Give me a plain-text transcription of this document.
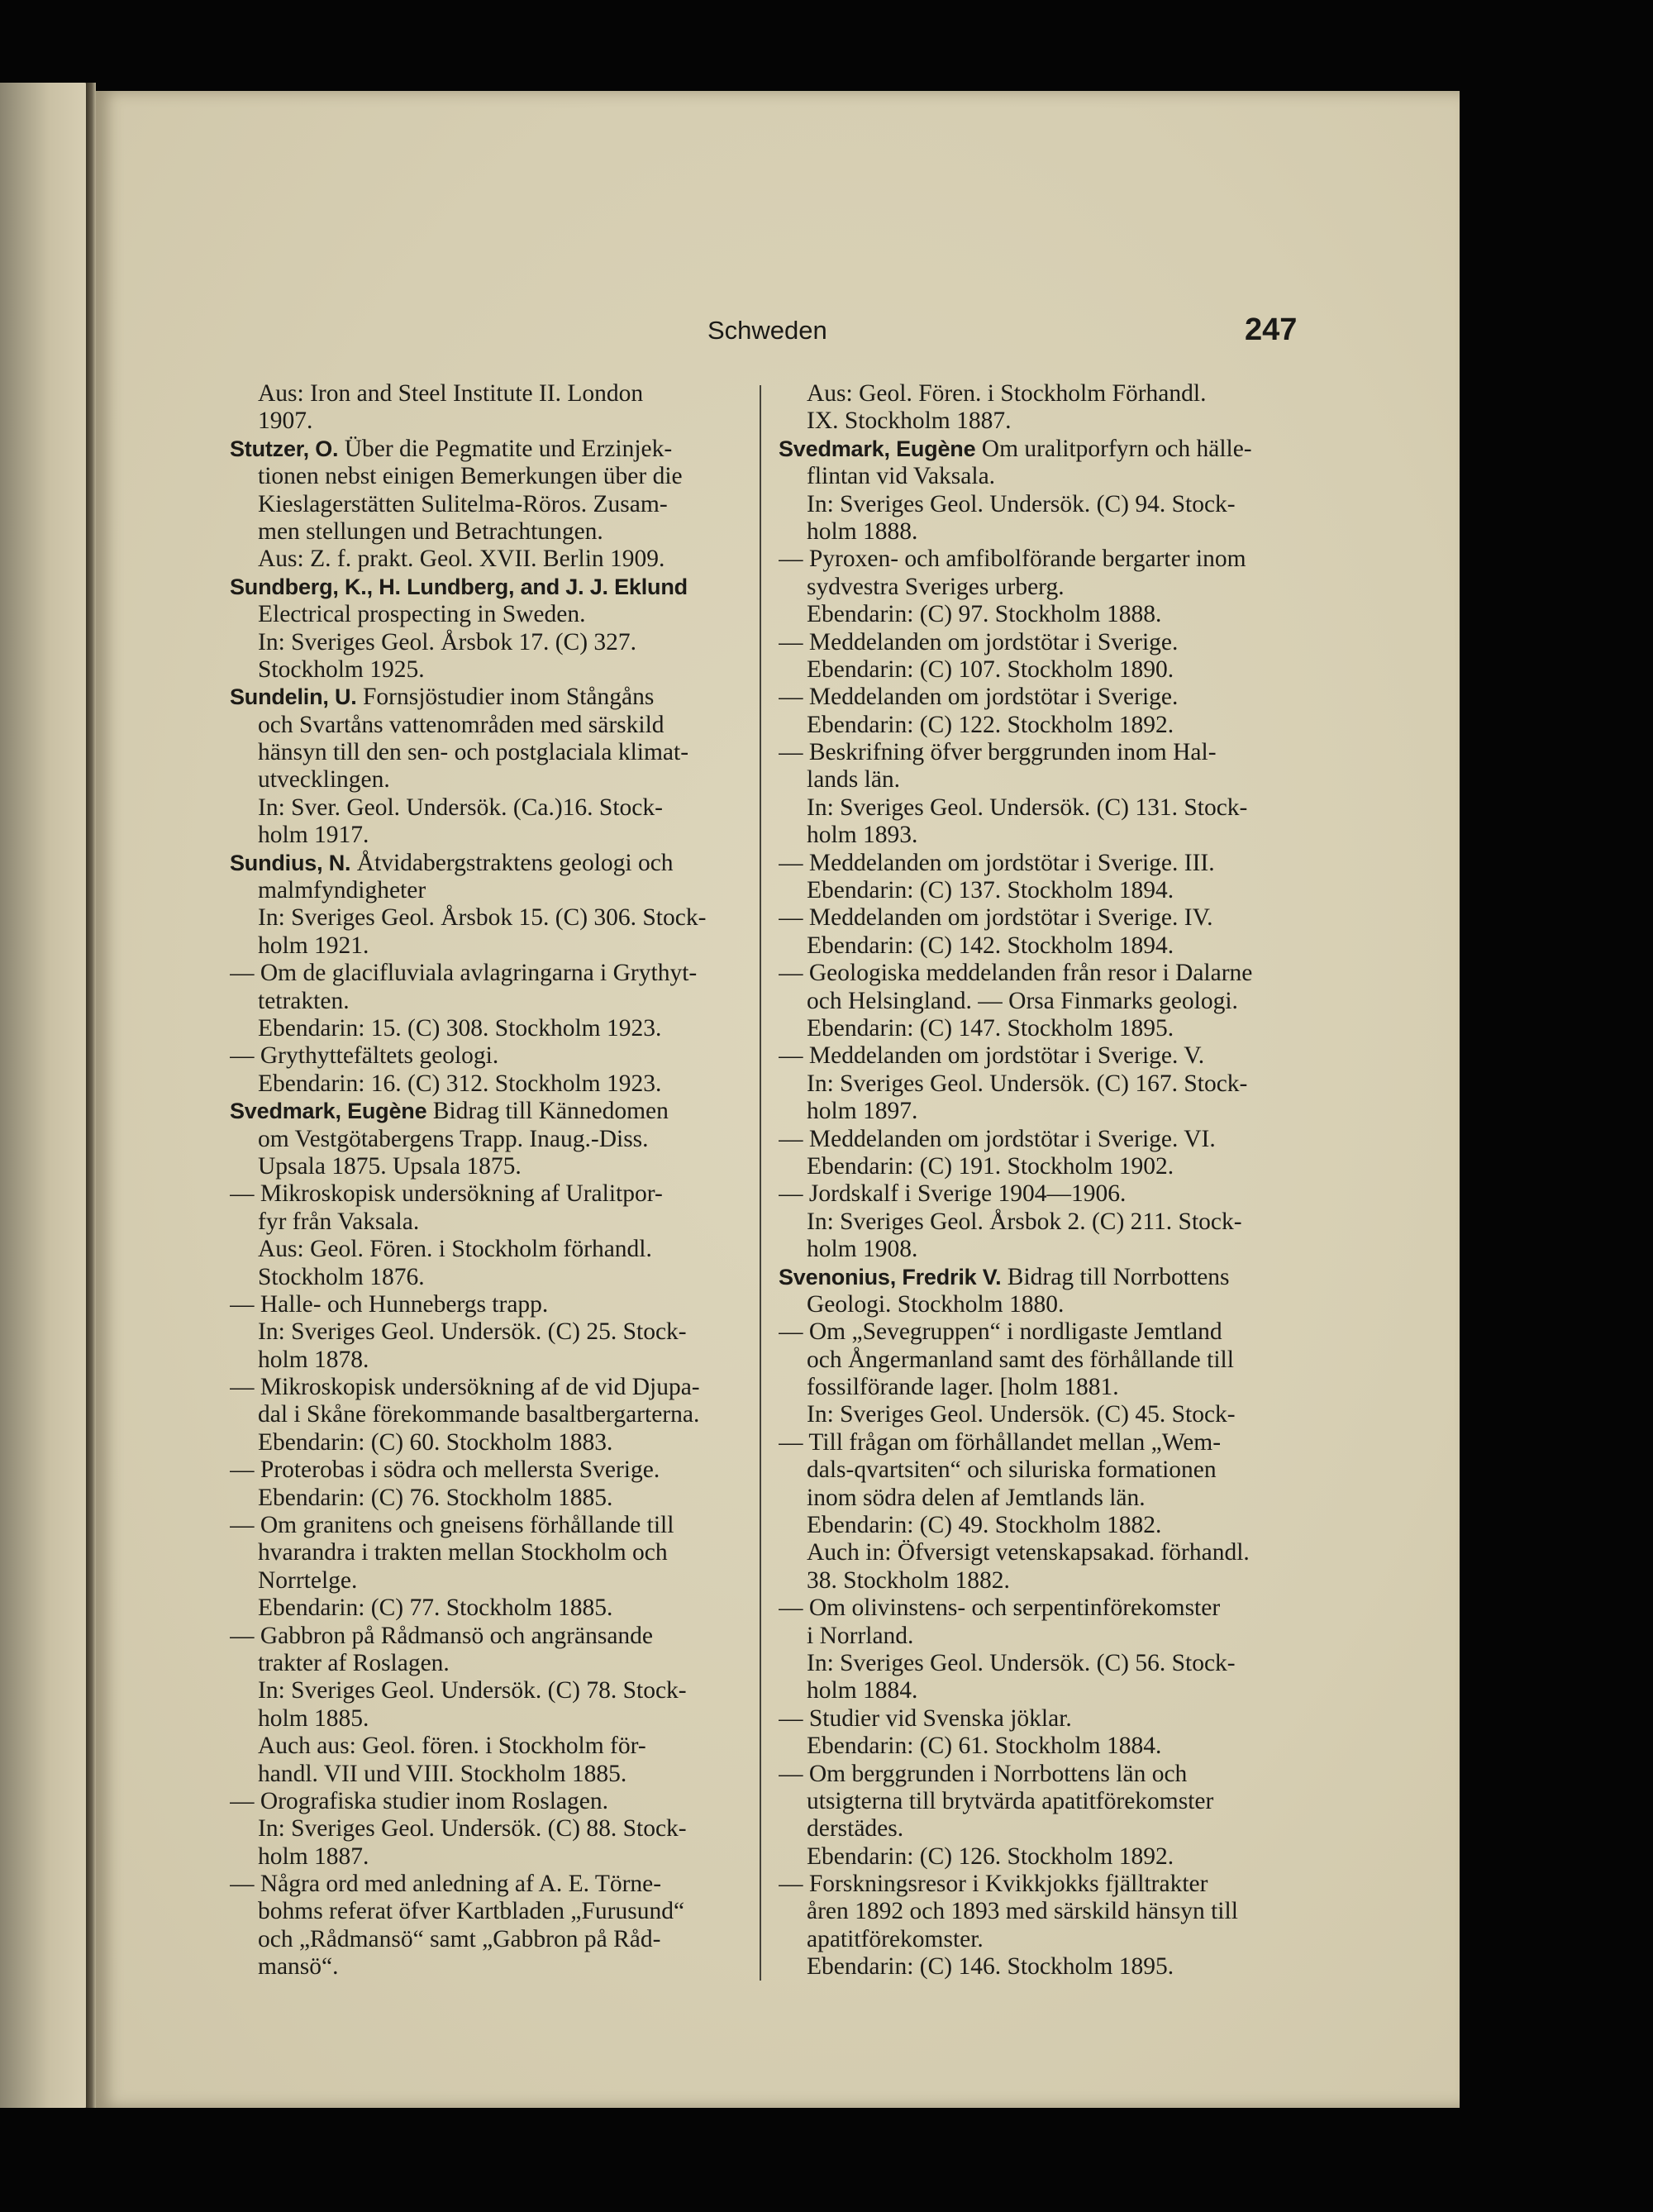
Schweden	247
Aus: Iron and Steel Institute II. London
1907.
Stutzer, O. Über die Pegmatite und Erzinjek-
tionen nebst einigen Bemerkungen über die
Kieslagerstätten Sulitelma-Röros. Zusam-
men stellungen und Betrachtungen.
Aus: Z. f. prakt. Geol. XVII. Berlin 1909.
Sundberg, K., H. Lundberg, and J. J. Eklund
Electrical prospecting in Sweden.
In: Sveriges Geol. Årsbok 17. (C) 327.
Stockholm 1925.
Sundelin, U. Fornsjöstudier inom Stångåns
och Svartåns vattenområden med särskild
hänsyn till den sen- och postglaciala klimat-
utvecklingen.
In: Sver. Geol. Undersök. (Ca.)16. Stock-
holm 1917.
Sundius, N. Åtvidabergstraktens geologi och
malmfyndigheter
In: Sveriges Geol. Årsbok 15. (C) 306. Stock-
holm 1921.
— Om de glacifluviala avlagringarna i Grythyt-
tetrakten.
Ebendarin: 15. (C) 308. Stockholm 1923.
— Grythyttefältets geologi.
Ebendarin: 16. (C) 312. Stockholm 1923.
Svedmark, Eugène Bidrag till Kännedomen
om Vestgötabergens Trapp. Inaug.-Diss.
Upsala 1875. Upsala 1875.
— Mikroskopisk undersökning af Uralitpor-
fyr från Vaksala.
Aus: Geol. Fören. i Stockholm förhandl.
Stockholm 1876.
— Halle- och Hunnebergs trapp.
In: Sveriges Geol. Undersök. (C) 25. Stock-
holm 1878.
— Mikroskopisk undersökning af de vid Djupa-
dal i Skåne förekommande basaltbergarterna.
Ebendarin: (C) 60. Stockholm 1883.
— Proterobas i södra och mellersta Sverige.
Ebendarin: (C) 76. Stockholm 1885.
— Om granitens och gneisens förhållande till
hvarandra i trakten mellan Stockholm och
Norrtelge.
Ebendarin: (C) 77. Stockholm 1885.
— Gabbron på Rådmansö och angränsande
trakter af Roslagen.
In: Sveriges Geol. Undersök. (C) 78. Stock-
holm 1885.
Auch aus: Geol. fören. i Stockholm för-
handl. VII und VIII. Stockholm 1885.
— Orografiska studier inom Roslagen.
In: Sveriges Geol. Undersök. (C) 88. Stock-
holm 1887.
— Några ord med anledning af A. E. Törne-
bohms referat öfver Kartbladen „Furusund“
och „Rådmansö“ samt „Gabbron på Råd-
mansö“.
Aus: Geol. Fören. i Stockholm Förhandl.
IX. Stockholm 1887.
Svedmark, Eugène Om uralitporfyrn och hälle-
flintan vid Vaksala.
In: Sveriges Geol. Undersök. (C) 94. Stock-
holm 1888.
— Pyroxen- och amfibolförande bergarter inom
sydvestra Sveriges urberg.
Ebendarin: (C) 97. Stockholm 1888.
— Meddelanden om jordstötar i Sverige.
Ebendarin: (C) 107. Stockholm 1890.
— Meddelanden om jordstötar i Sverige.
Ebendarin: (C) 122. Stockholm 1892.
— Beskrifning öfver berggrunden inom Hal-
lands län.
In: Sveriges Geol. Undersök. (C) 131. Stock-
holm 1893.
— Meddelanden om jordstötar i Sverige. III.
Ebendarin: (C) 137. Stockholm 1894.
— Meddelanden om jordstötar i Sverige. IV.
Ebendarin: (C) 142. Stockholm 1894.
— Geologiska meddelanden från resor i Dalarne
och Helsingland. — Orsa Finmarks geologi.
Ebendarin: (C) 147. Stockholm 1895.
— Meddelanden om jordstötar i Sverige. V.
In: Sveriges Geol. Undersök. (C) 167. Stock-
holm 1897.
— Meddelanden om jordstötar i Sverige. VI.
Ebendarin: (C) 191. Stockholm 1902.
— Jordskalf i Sverige 1904—1906.
In: Sveriges Geol. Årsbok 2. (C) 211. Stock-
holm 1908.
Svenonius, Fredrik V. Bidrag till Norrbottens
Geologi. Stockholm 1880.
— Om „Sevegruppen“ i nordligaste Jemtland
och Ångermanland samt des förhållande till
fossilförande lager. [holm 1881.
In: Sveriges Geol. Undersök. (C) 45. Stock-
— Till frågan om förhållandet mellan „Wem-
dals-qvartsiten“ och siluriska formationen
inom södra delen af Jemtlands län.
Ebendarin: (C) 49. Stockholm 1882.
Auch in: Öfversigt vetenskapsakad. förhandl.
38. Stockholm 1882.
— Om olivinstens- och serpentinförekomster
i Norrland.
In: Sveriges Geol. Undersök. (C) 56. Stock-
holm 1884.
— Studier vid Svenska jöklar.
Ebendarin: (C) 61. Stockholm 1884.
— Om berggrunden i Norrbottens län och
utsigterna till brytvärda apatitförekomster
derstädes.
Ebendarin: (C) 126. Stockholm 1892.
— Forskningsresor i Kvikkjokks fjälltrakter
åren 1892 och 1893 med särskild hänsyn till
apatitförekomster.
Ebendarin: (C) 146. Stockholm 1895.
